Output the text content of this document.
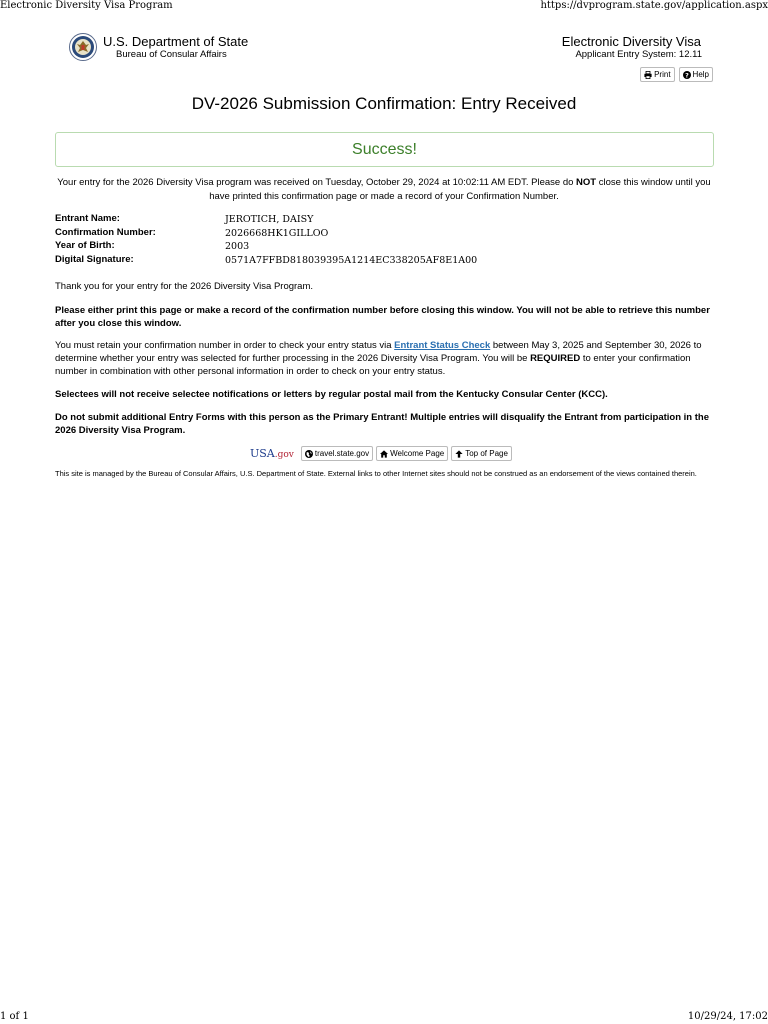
Electronic Diversity Visa Program	https://dvprogram.state.gov/application.aspx
U.S. Department of State
Bureau of Consular Affairs
Electronic Diversity Visa
Applicant Entry System: 12.11
Print ? Help
DV-2026 Submission Confirmation: Entry Received
Success!
Your entry for the 2026 Diversity Visa program was received on Tuesday, October 29, 2024 at 10:02:11 AM EDT. Please do NOT close this window until you have printed this confirmation page or made a record of your Confirmation Number.
Entrant Name:	JEROTICH, DAISY
Confirmation Number:	2026668HK1GILLOO
Year of Birth:	2003
Digital Signature:	0571A7FFBD818039395A1214EC338205AF8E1A00
Thank you for your entry for the 2026 Diversity Visa Program.
Please either print this page or make a record of the confirmation number before closing this window. You will not be able to retrieve this number after you close this window.
You must retain your confirmation number in order to check your entry status via Entrant Status Check between May 3, 2025 and September 30, 2026 to determine whether your entry was selected for further processing in the 2026 Diversity Visa Program. You will be REQUIRED to enter your confirmation number in combination with other personal information in order to check on your entry status.
Selectees will not receive selectee notifications or letters by regular postal mail from the Kentucky Consular Center (KCC).
Do not submit additional Entry Forms with this person as the Primary Entrant! Multiple entries will disqualify the Entrant from participation in the 2026 Diversity Visa Program.
USA.gov	travel.state.gov	Welcome Page	Top of Page
This site is managed by the Bureau of Consular Affairs, U.S. Department of State. External links to other Internet sites should not be construed as an endorsement of the views contained therein.
1 of 1	10/29/24, 17:02
